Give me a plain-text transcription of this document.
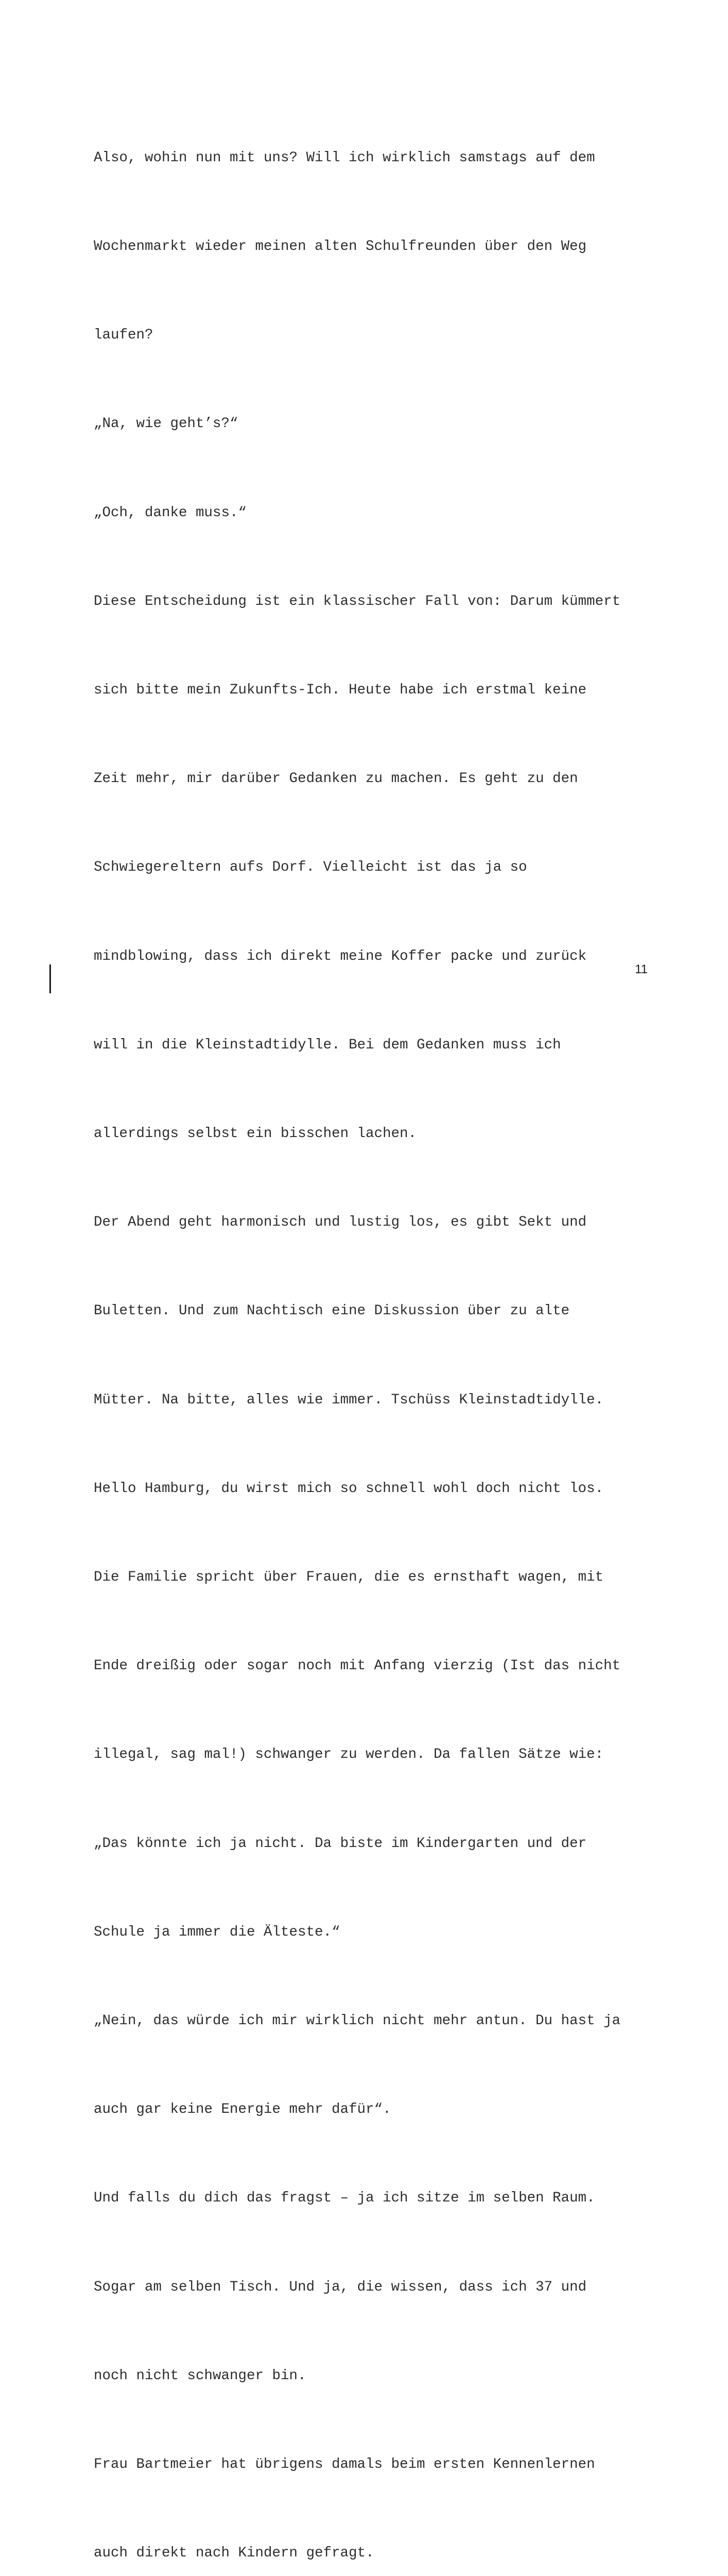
Also, wohin nun mit uns? Will ich wirklich samstags auf dem

Wochenmarkt wieder meinen alten Schulfreunden über den Weg

laufen?

„Na, wie geht’s?“

„Och, danke muss.“

Diese Entscheidung ist ein klassischer Fall von: Darum kümmert

sich bitte mein Zukunfts-Ich. Heute habe ich erstmal keine

Zeit mehr, mir darüber Gedanken zu machen. Es geht zu den

Schwiegereltern aufs Dorf. Vielleicht ist das ja so

mindblowing, dass ich direkt meine Koffer packe und zurück

will in die Kleinstadtidylle. Bei dem Gedanken muss ich

allerdings selbst ein bisschen lachen.

Der Abend geht harmonisch und lustig los, es gibt Sekt und

Buletten. Und zum Nachtisch eine Diskussion über zu alte

Mütter. Na bitte, alles wie immer. Tschüss Kleinstadtidylle.

Hello Hamburg, du wirst mich so schnell wohl doch nicht los.

Die Familie spricht über Frauen, die es ernsthaft wagen, mit

Ende dreißig oder sogar noch mit Anfang vierzig (Ist das nicht

illegal, sag mal!) schwanger zu werden. Da fallen Sätze wie:

„Das könnte ich ja nicht. Da biste im Kindergarten und der

Schule ja immer die Älteste.“

„Nein, das würde ich mir wirklich nicht mehr antun. Du hast ja

auch gar keine Energie mehr dafür“.

Und falls du dich das fragst – ja ich sitze im selben Raum.

Sogar am selben Tisch. Und ja, die wissen, dass ich 37 und

noch nicht schwanger bin.

Frau Bartmeier hat übrigens damals beim ersten Kennenlernen

auch direkt nach Kindern gefragt.

11
